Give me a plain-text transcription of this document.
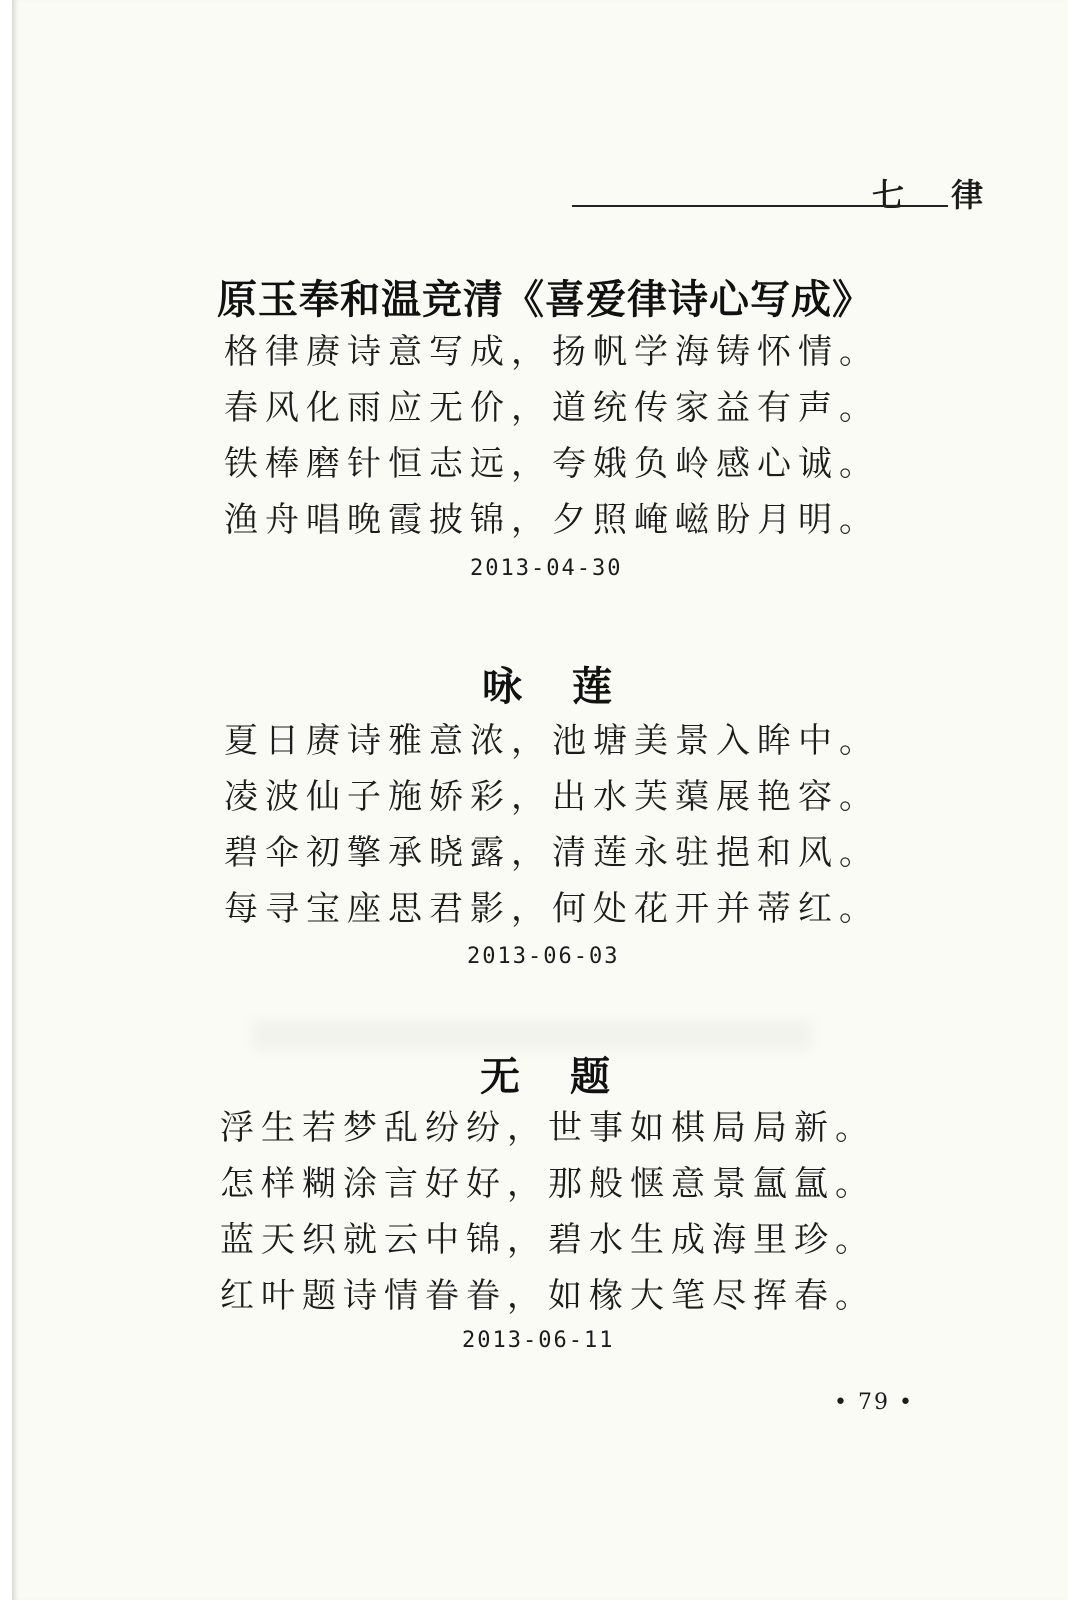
七 律
原玉奉和温竞清《喜爱律诗心写成》
格律赓诗意写成，扬帆学海铸怀情。
春风化雨应无价，道统传家益有声。
铁棒磨针恒志远，夸娥负岭感心诚。
渔舟唱晚霞披锦，夕照崦嵫盼月明。
2013-04-30
咏莲
夏日赓诗雅意浓，池塘美景入眸中。
凌波仙子施娇彩，出水芙蕖展艳容。
碧伞初擎承晓露，清莲永驻挹和风。
每寻宝座思君影，何处花开并蒂红。
2013-06-03
无题
浮生若梦乱纷纷，世事如棋局局新。
怎样糊涂言好好，那般惬意景氲氲。
蓝天织就云中锦，碧水生成海里珍。
红叶题诗情眷眷，如椽大笔尽挥春。
2013-06-11
• 79 •
